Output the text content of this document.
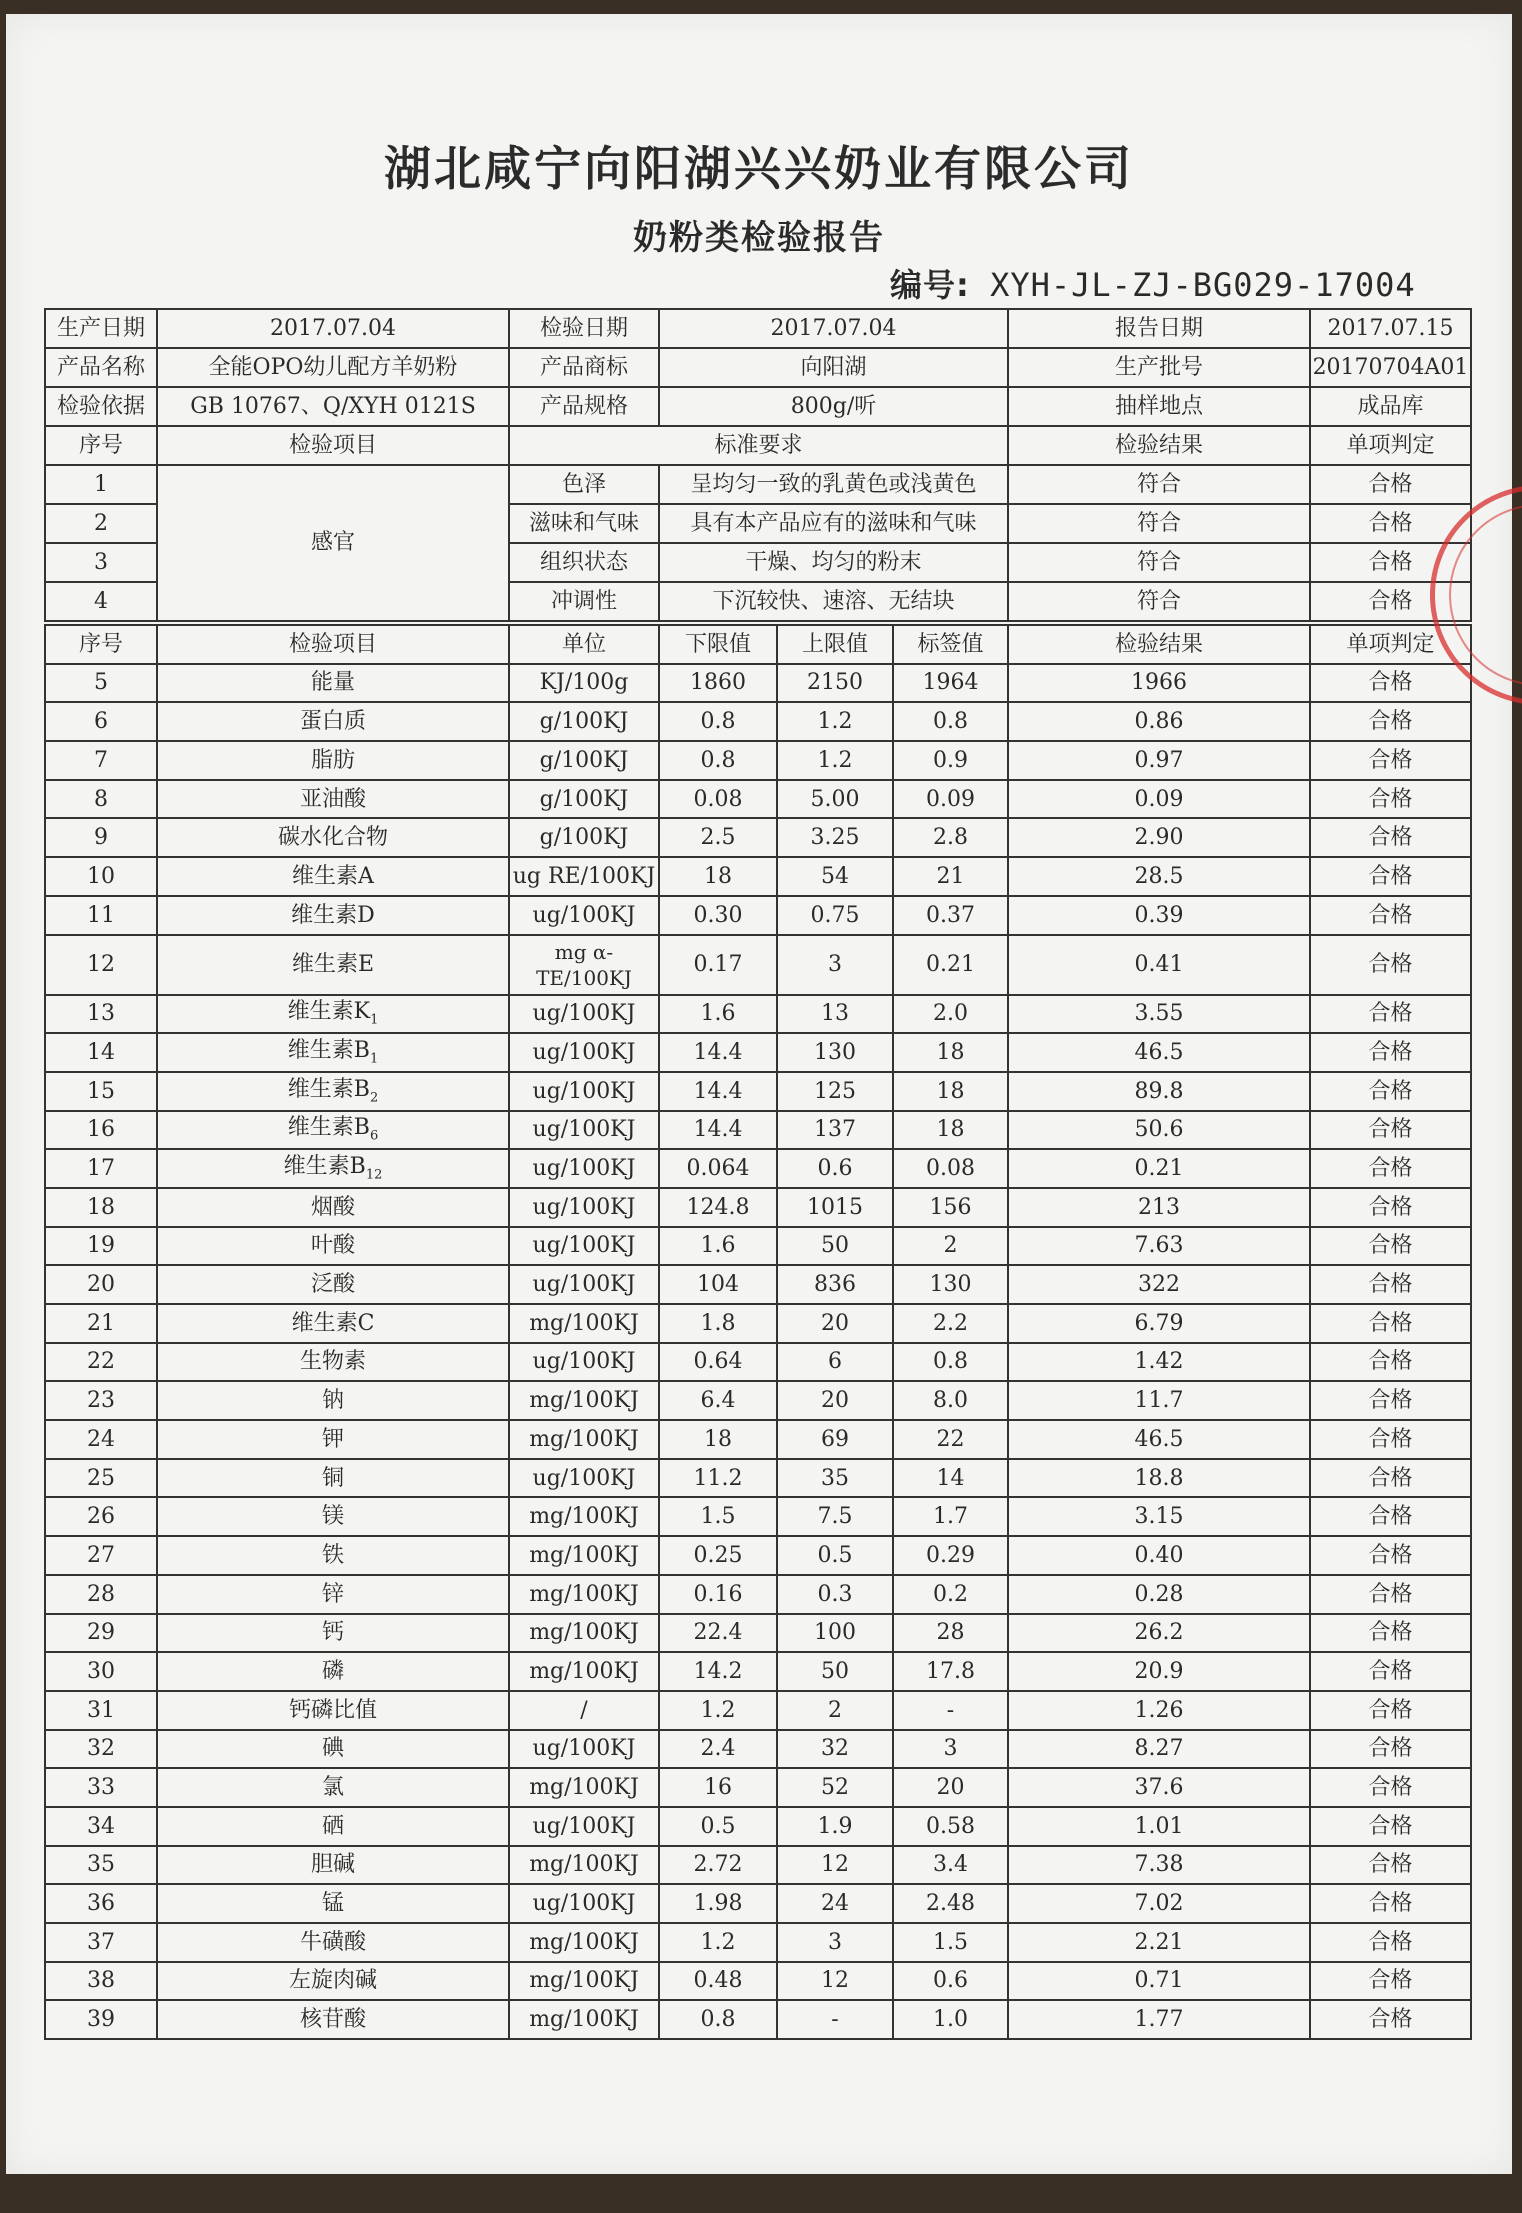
湖北咸宁向阳湖兴兴奶业有限公司
奶粉类检验报告
编号: XYH-JL-ZJ-BG029-17004
生产日期	2017.07.04	检验日期	2017.07.04	报告日期	2017.07.15
产品名称	全能OPO幼儿配方羊奶粉	产品商标	向阳湖	生产批号	20170704A01
检验依据	GB 10767、Q/XYH 0121S	产品规格	800g/听	抽样地点	成品库
序号	检验项目	标准要求		检验结果	单项判定
1	感官	色泽	呈均匀一致的乳黄色或浅黄色	符合	合格
2		滋味和气味	具有本产品应有的滋味和气味	符合	合格
3		组织状态	干燥、均匀的粉末	符合	合格
4		冲调性	下沉较快、速溶、无结块	符合	合格
序号	检验项目	单位	下限值	上限值	标签值	检验结果	单项判定
5	能量	KJ/100g	1860	2150	1964	1966	合格
6	蛋白质	g/100KJ	0.8	1.2	0.8	0.86	合格
7	脂肪	g/100KJ	0.8	1.2	0.9	0.97	合格
8	亚油酸	g/100KJ	0.08	5.00	0.09	0.09	合格
9	碳水化合物	g/100KJ	2.5	3.25	2.8	2.90	合格
10	维生素A	ug RE/100KJ	18	54	21	28.5	合格
11	维生素D	ug/100KJ	0.30	0.75	0.37	0.39	合格
12	维生素E	mg α-TE/100KJ	0.17	3	0.21	0.41	合格
13	维生素$K_1$	ug/100KJ	1.6	13	2.0	3.55	合格
14	维生素$B_1$	ug/100KJ	14.4	130	18	46.5	合格
15	维生素$B_2$	ug/100KJ	14.4	125	18	89.8	合格
16	维生素$B_6$	ug/100KJ	14.4	137	18	50.6	合格
17	维生素$B_{12}$	ug/100KJ	0.064	0.6	0.08	0.21	合格
18	烟酸	ug/100KJ	124.8	1015	156	213	合格
19	叶酸	ug/100KJ	1.6	50	2	7.63	合格
20	泛酸	ug/100KJ	104	836	130	322	合格
21	维生素C	mg/100KJ	1.8	20	2.2	6.79	合格
22	生物素	ug/100KJ	0.64	6	0.8	1.42	合格
23	钠	mg/100KJ	6.4	20	8.0	11.7	合格
24	钾	mg/100KJ	18	69	22	46.5	合格
25	铜	ug/100KJ	11.2	35	14	18.8	合格
26	镁	mg/100KJ	1.5	7.5	1.7	3.15	合格
27	铁	mg/100KJ	0.25	0.5	0.29	0.40	合格
28	锌	mg/100KJ	0.16	0.3	0.2	0.28	合格
29	钙	mg/100KJ	22.4	100	28	26.2	合格
30	磷	mg/100KJ	14.2	50	17.8	20.9	合格
31	钙磷比值	/	1.2	2	-	1.26	合格
32	碘	ug/100KJ	2.4	32	3	8.27	合格
33	氯	mg/100KJ	16	52	20	37.6	合格
34	硒	ug/100KJ	0.5	1.9	0.58	1.01	合格
35	胆碱	mg/100KJ	2.72	12	3.4	7.38	合格
36	锰	ug/100KJ	1.98	24	2.48	7.02	合格
37	牛磺酸	mg/100KJ	1.2	3	1.5	2.21	合格
38	左旋肉碱	mg/100KJ	0.48	12	0.6	0.71	合格
39	核苷酸	mg/100KJ	0.8	-	1.0	1.77	合格
